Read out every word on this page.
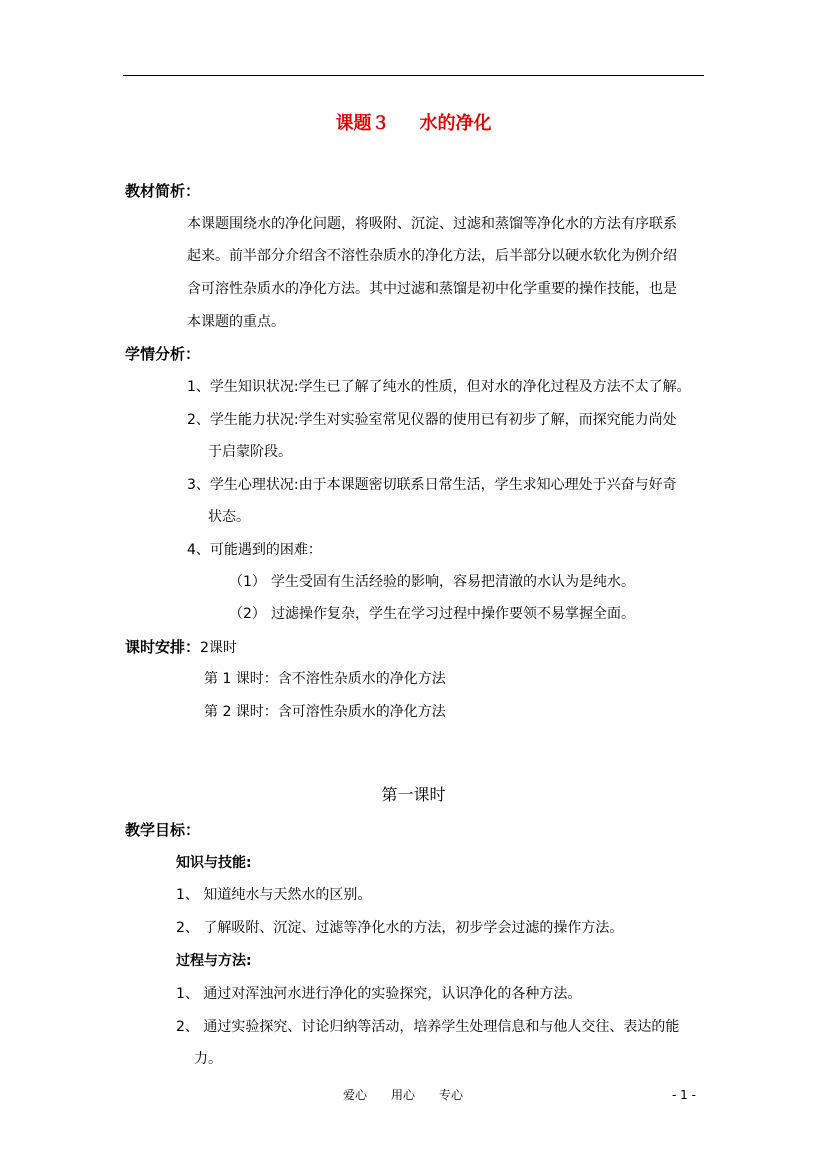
课题３ 水的净化
教材简析：
本课题围绕水的净化问题，将吸附、沉淀、过滤和蒸馏等净化水的方法有序联系
起来。前半部分介绍含不溶性杂质水的净化方法，后半部分以硬水软化为例介绍
含可溶性杂质水的净化方法。其中过滤和蒸馏是初中化学重要的操作技能，也是
本课题的重点。
学情分析：
1、学生知识状况:学生已了解了纯水的性质，但对水的净化过程及方法不太了解。
2、学生能力状况:学生对实验室常见仪器的使用已有初步了解，而探究能力尚处
于启蒙阶段。
3、学生心理状况:由于本课题密切联系日常生活，学生求知心理处于兴奋与好奇
状态。
4、可能遇到的困难：
（1） 学生受固有生活经验的影响，容易把清澈的水认为是纯水。
（2） 过滤操作复杂，学生在学习过程中操作要领不易掌握全面。
课时安排：2课时
第 1 课时：含不溶性杂质水的净化方法
第 2 课时：含可溶性杂质水的净化方法
第一课时
教学目标：
知识与技能:
1、 知道纯水与天然水的区别。
2、 了解吸附、沉淀、过滤等净化水的方法，初步学会过滤的操作方法。
过程与方法:
1、 通过对浑浊河水进行净化的实验探究，认识净化的各种方法。
2、 通过实验探究、讨论归纳等活动，培养学生处理信息和与他人交往、表达的能
力。
爱心　　用心　　专心	- 1 -
